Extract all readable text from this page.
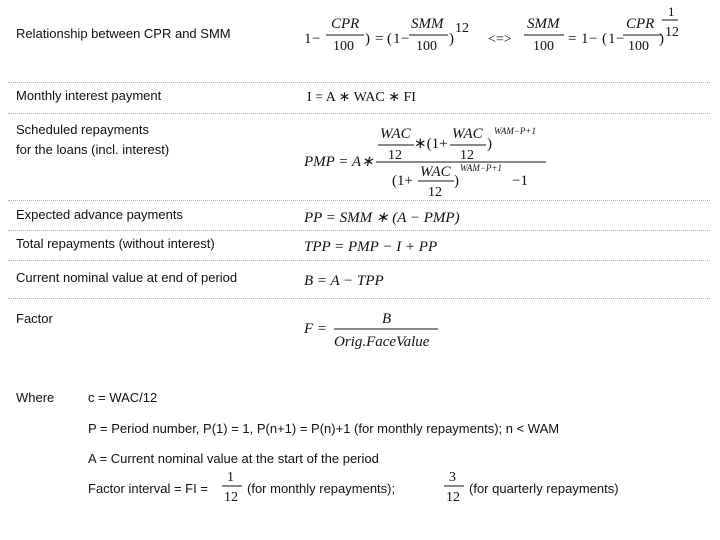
Relationship between CPR and SMM
Monthly interest payment
Scheduled repayments
for the loans (incl. interest)
Expected advance payments
Total repayments (without interest)
Current nominal value at end of period
Factor
1 −
CPR
100 ) = ( 1 −
SMM
100 )
12
<=>
SMM
100 = 1 − ( 1 −
CPR
100 ) 12
1
I = A ∗ WAC ∗ FI
PMP = A∗
WAC
12
∗(1+
WAC
12
)
WAM−P+1
(1+
WAC
12
)
WAM−P+1
−1
PP = SMM ∗ (A − PMP)
TPP = PMP − I + PP
B = A − TPP
F =
B
Orig.FaceValue
Where	c = WAC/12
P = Period number, P(1) = 1, P(n+1) = P(n)+1 (for monthly repayments); n < WAM
A = Current nominal value at the start of the period
Factor interval = FI =
1
12
(for monthly repayments);
3
12
(for quarterly repayments)
